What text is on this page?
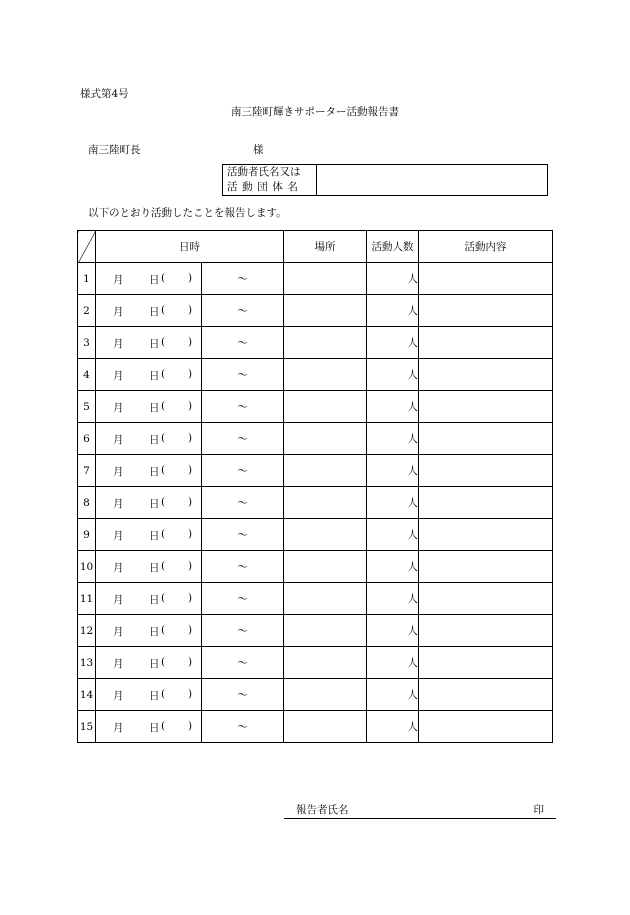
様式第4号
南三陸町輝きサポーター活動報告書
南三陸町長	様
活動者氏名又は
活動団体名
以下のとおり活動したことを報告します。
	日時		場所	活動人数	活動内容
1	月 日 ( )	～		人	
2	月 日 ( )	～		人	
3	月 日 ( )	～		人	
4	月 日 ( )	～		人	
5	月 日 ( )	～		人	
6	月 日 ( )	～		人	
7	月 日 ( )	～		人	
8	月 日 ( )	～		人	
9	月 日 ( )	～		人	
10	月 日 ( )	～		人	
11	月 日 ( )	～		人	
12	月 日 ( )	～		人	
13	月 日 ( )	～		人	
14	月 日 ( )	～		人	
15	月 日 ( )	～		人	
報告者氏名	印
